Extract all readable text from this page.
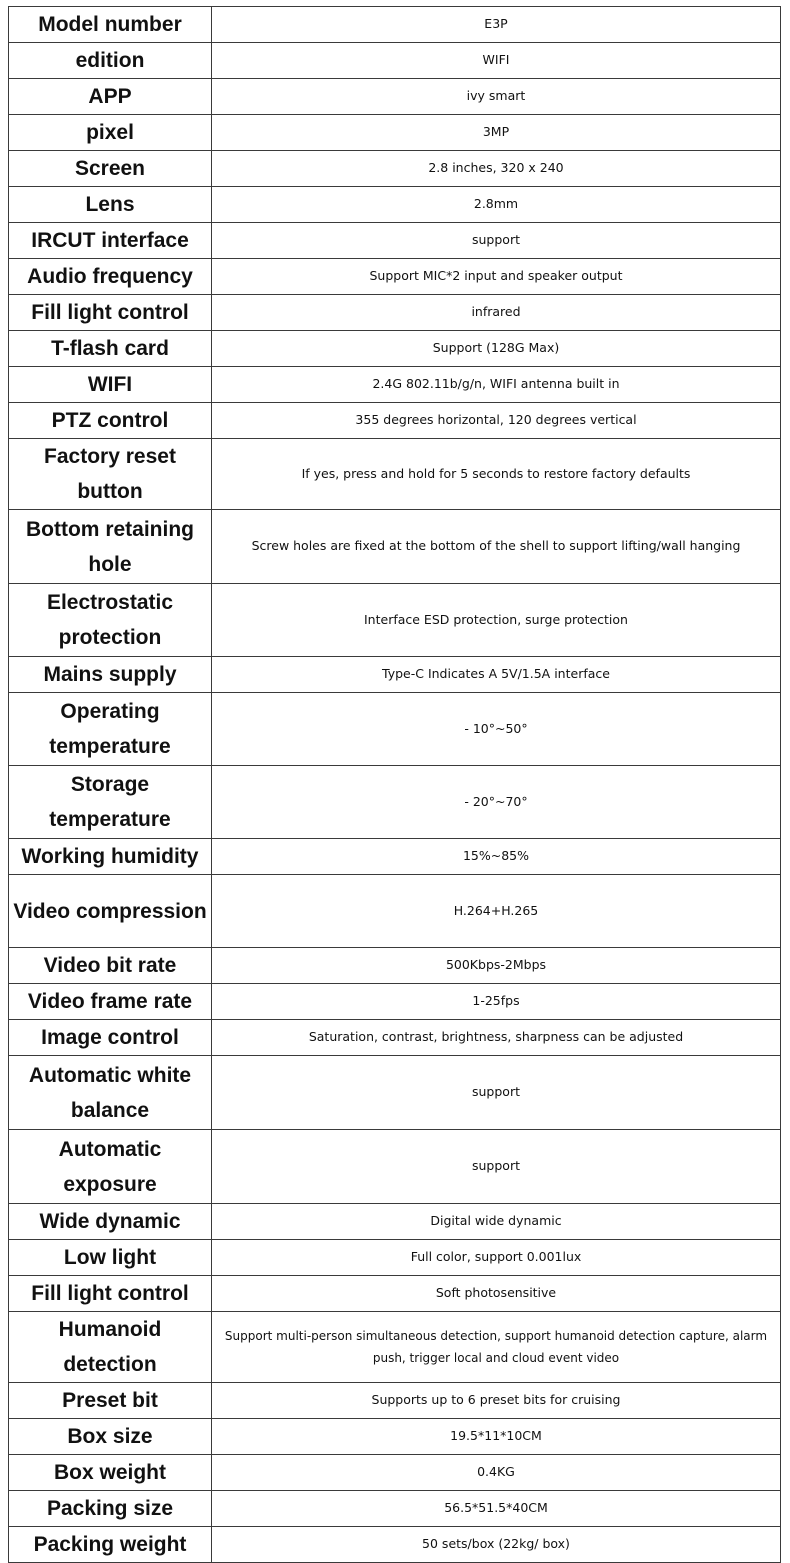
Model number	E3P
edition	WIFI
APP	ivy smart
pixel	3MP
Screen	2.8 inches, 320 x 240
Lens	2.8mm
IRCUT interface	support
Audio frequency	Support MIC*2 input and speaker output
Fill light control	infrared
T-flash card	Support (128G Max)
WIFI	2.4G 802.11b/g/n, WIFI antenna built in
PTZ control	355 degrees horizontal, 120 degrees vertical
Factory reset button	If yes, press and hold for 5 seconds to restore factory defaults
Bottom retaining hole	Screw holes are fixed at the bottom of the shell to support lifting/wall hanging
Electrostatic protection	Interface ESD protection, surge protection
Mains supply	Type-C Indicates A 5V/1.5A interface
Operating temperature	- 10°~50°
Storage temperature	- 20°~70°
Working humidity	15%~85%
Video compression	H.264+H.265
Video bit rate	500Kbps-2Mbps
Video frame rate	1-25fps
Image control	Saturation, contrast, brightness, sharpness can be adjusted
Automatic white balance	support
Automatic exposure	support
Wide dynamic	Digital wide dynamic
Low light	Full color, support 0.001lux
Fill light control	Soft photosensitive
Humanoid detection	Support multi-person simultaneous detection, support humanoid detection capture, alarm push, trigger local and cloud event video
Preset bit	Supports up to 6 preset bits for cruising
Box size	19.5*11*10CM
Box weight	0.4KG
Packing size	56.5*51.5*40CM
Packing weight	50 sets/box (22kg/ box)
